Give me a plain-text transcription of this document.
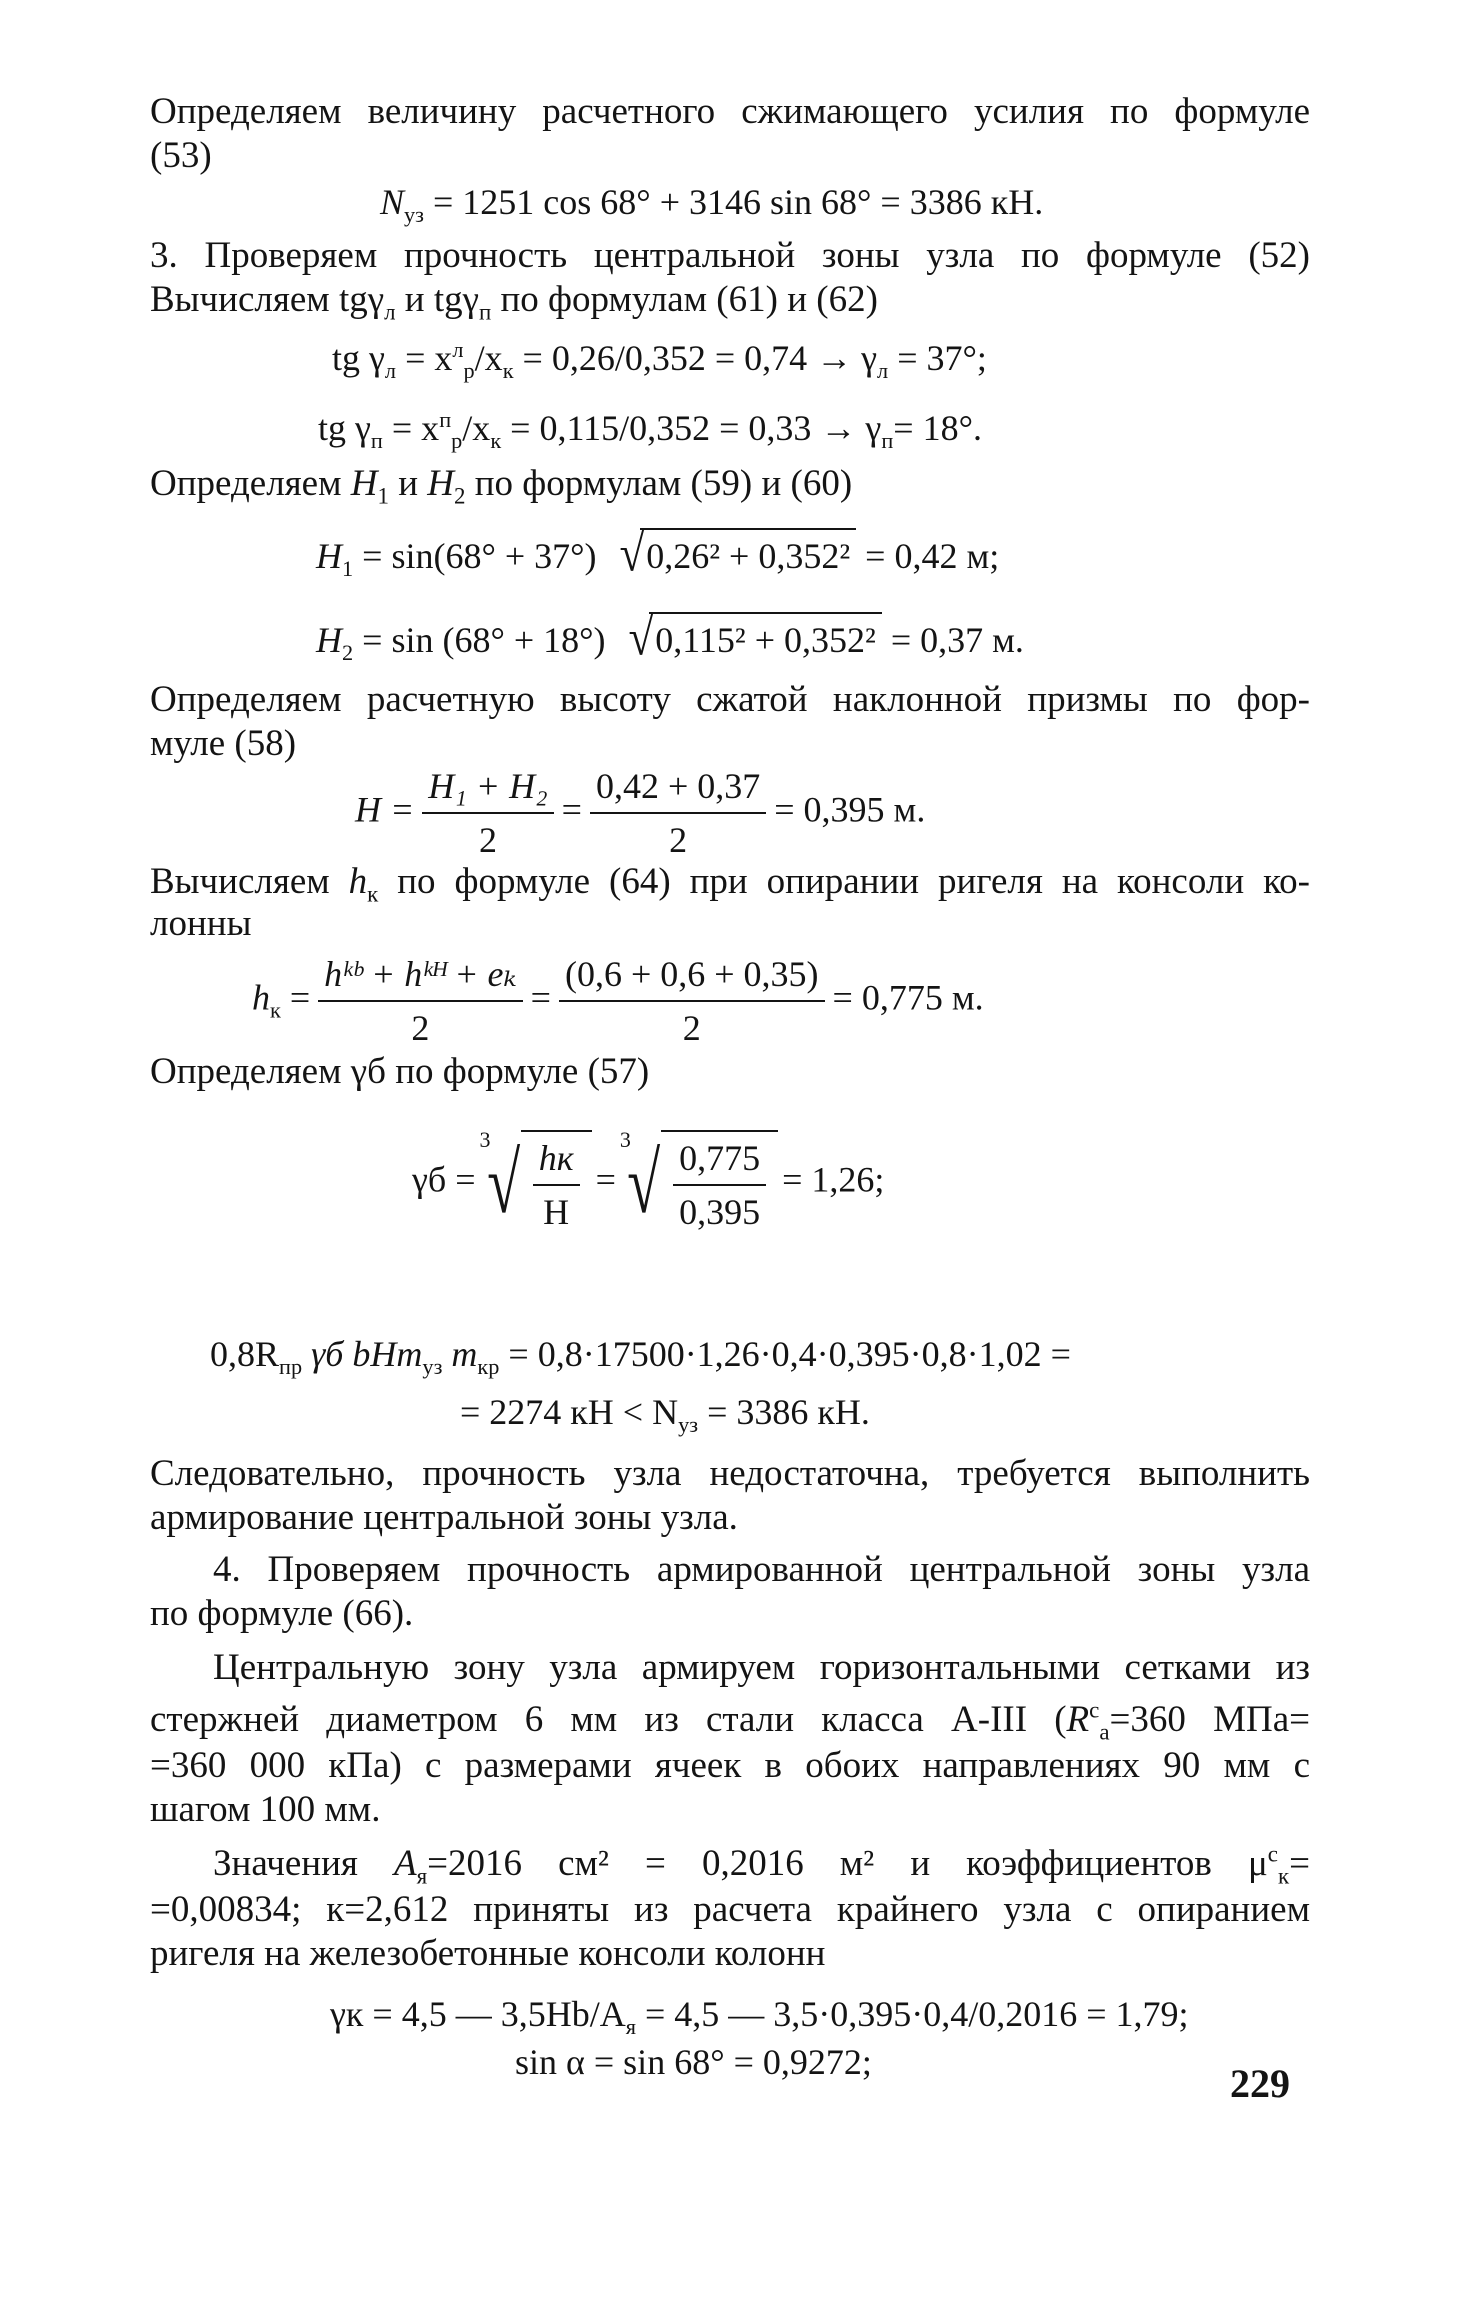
Определяем величину расчетного сжимающего усилия по формуле
(53)
$N_{уз} = 1251$ cos 68° + 3146 sin 68° = 3386 кН.
3. Проверяем прочность центральной зоны узла по формуле (52)
Вычисляем tgγ$_л$ и tgγ$_п$ по формулам (61) и (62)
tg $\gamma_л = x^л_р/x_к = 0,26/0,352 = 0,74 \to \gamma_л = 37^\circ$;
tg $\gamma_п = x^п_р/x_к = 0,115/0,352 = 0,33 \to \gamma_п= 18^\circ$.
Определяем $H_1$ и $H_2$ по формулам (59) и (60)
$H_1 = \sin(68^\circ + 37^\circ) √0,26^2 + 0,352^2 = 0,42$ м;
$H_2 = \sin (68^\circ + 18^\circ) √0,115^2 + 0,352^2 = 0,37$ м.
Определяем расчетную высоту сжатой наклонной призмы по фор-
муле (58)
$H = \frac{\text{H₁ + H₂}}{2} = \frac{0,42 + 0,37}{2} = 0,395$ м.
Вычисляем $h_к$ по формуле (64) при опирании ригеля на консоли ко-
лонны
$h_к = \frac{\text{hᵏᵇ + hᵏᴴ + eₖ}}{2} = \frac{(0,6 + 0,6 + 0,35)}{2} = 0,775$ м.
Определяем γб по формуле (57)
γб =
3
√ $\frac{hк}{H}$ =
3
√ $\frac{0,775}{0,395} = 1,26$;
$0,8R_{пр}$ γб bHm$_{уз}$ $m_{кр} = 0,8\cdot 17500\cdot 1,26\cdot 0,4\cdot 0,395\cdot 0,8\cdot 1,02$ =
= 2274 кН < $N_{уз} = 3386$ кН.
Следовательно, прочность узла недостаточна, требуется выполнить
армирование центральной зоны узла.
4. Проверяем прочность армированной центральной зоны узла
по формуле (66).
Центральную зону узла армируем горизонтальными сетками из
стержней диаметром 6 мм из стали класса А-III ($R^с_а=360$ МПа=
=360 000 кПа) с размерами ячеек в обоих направлениях 90 мм с
шагом 100 мм.
Значения $A_я=2016$ см² = 0,2016 м² и коэффициентов $\mu^с_к=$
=0,00834; к=2,612 приняты из расчета крайнего узла с опиранием
ригеля на железобетонные консоли колонн
γк = 4,5 — $3,5Hb/A_я = 4,5$ — 3,5·0,395·0,4/0,2016 = 1,79;
sin α = sin 68° = 0,9272;	229
